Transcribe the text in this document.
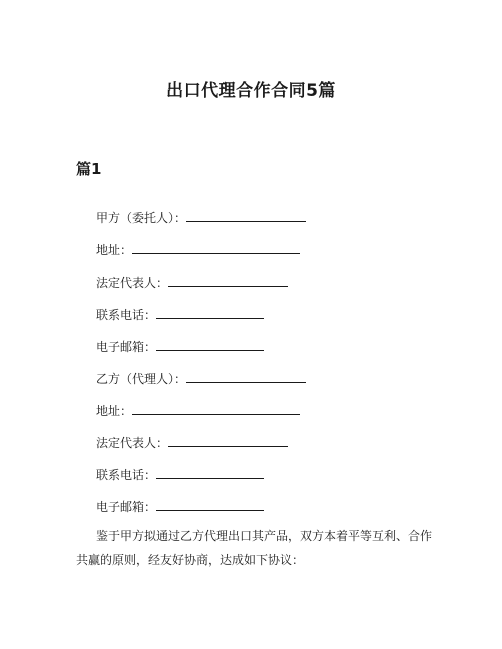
出口代理合作合同5篇
篇1
甲方（委托人）：
地址：
法定代表人：
联系电话：
电子邮箱：
乙方（代理人）：
地址：
法定代表人：
联系电话：
电子邮箱：
鉴于甲方拟通过乙方代理出口其产品，双方本着平等互利、合作共赢的原则，经友好协商，达成如下协议：
